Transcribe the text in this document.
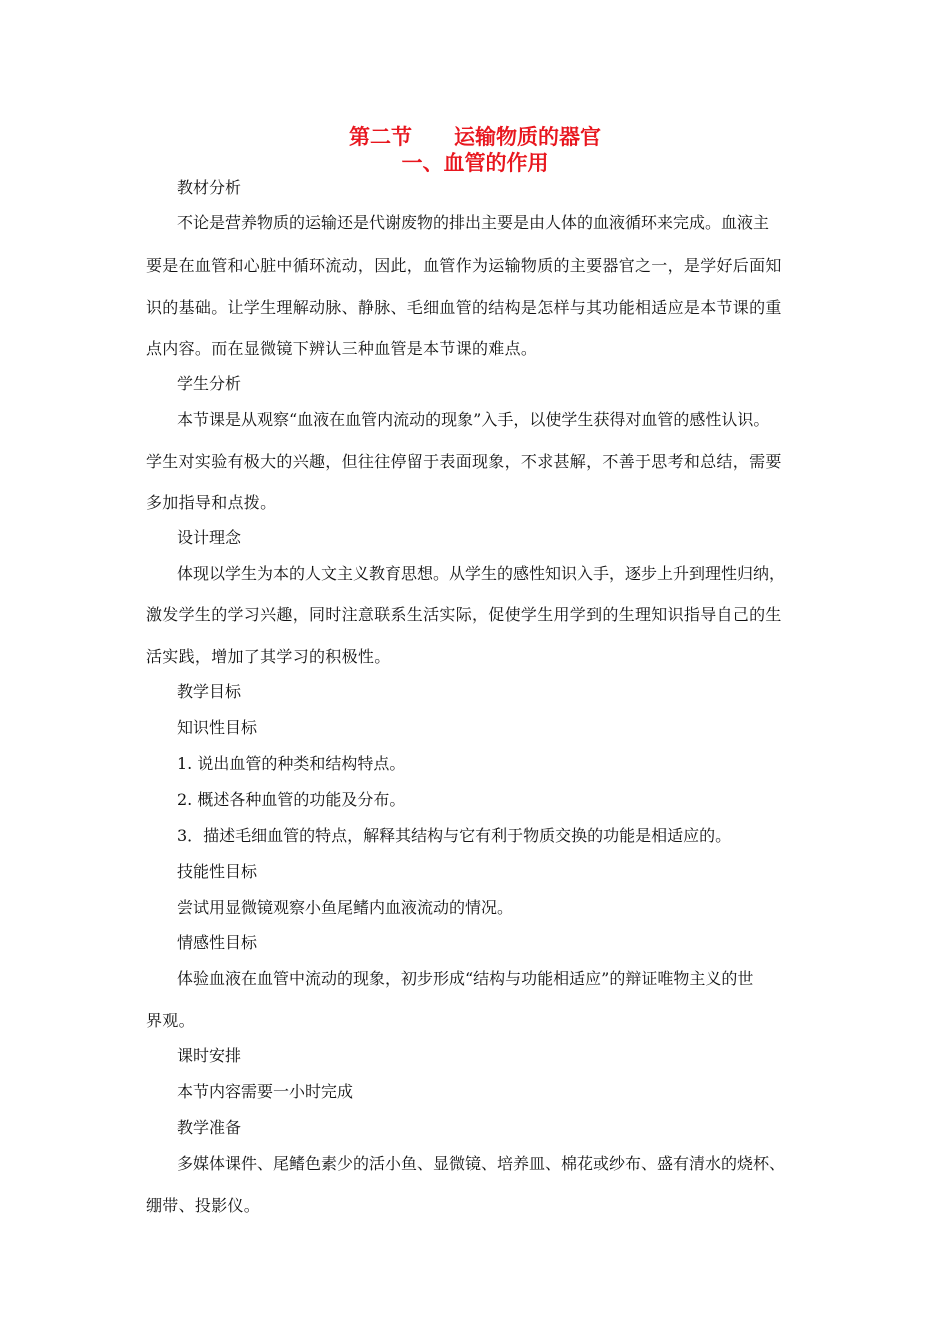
第二节　　运输物质的器官
一、血管的作用
教材分析
不论是营养物质的运输还是代谢废物的排出主要是由人体的血液循环来完成。血液主
要是在血管和心脏中循环流动，因此，血管作为运输物质的主要器官之一，是学好后面知
识的基础。让学生理解动脉、静脉、毛细血管的结构是怎样与其功能相适应是本节课的重
点内容。而在显微镜下辨认三种血管是本节课的难点。
学生分析
本节课是从观察“血液在血管内流动的现象”入手，以使学生获得对血管的感性认识。
学生对实验有极大的兴趣，但往往停留于表面现象，不求甚解，不善于思考和总结，需要
多加指导和点拨。
设计理念
体现以学生为本的人文主义教育思想。从学生的感性知识入手，逐步上升到理性归纳，
激发学生的学习兴趣，同时注意联系生活实际，促使学生用学到的生理知识指导自己的生
活实践，增加了其学习的积极性。
教学目标
知识性目标
1. 说出血管的种类和结构特点。
2. 概述各种血管的功能及分布。
3．描述毛细血管的特点，解释其结构与它有利于物质交换的功能是相适应的。
技能性目标
尝试用显微镜观察小鱼尾鳍内血液流动的情况。
情感性目标
体验血液在血管中流动的现象，初步形成“结构与功能相适应”的辩证唯物主义的世
界观。
课时安排
本节内容需要一小时完成
教学准备
多媒体课件、尾鳍色素少的活小鱼、显微镜、培养皿、棉花或纱布、盛有清水的烧杯、
绷带、投影仪。
